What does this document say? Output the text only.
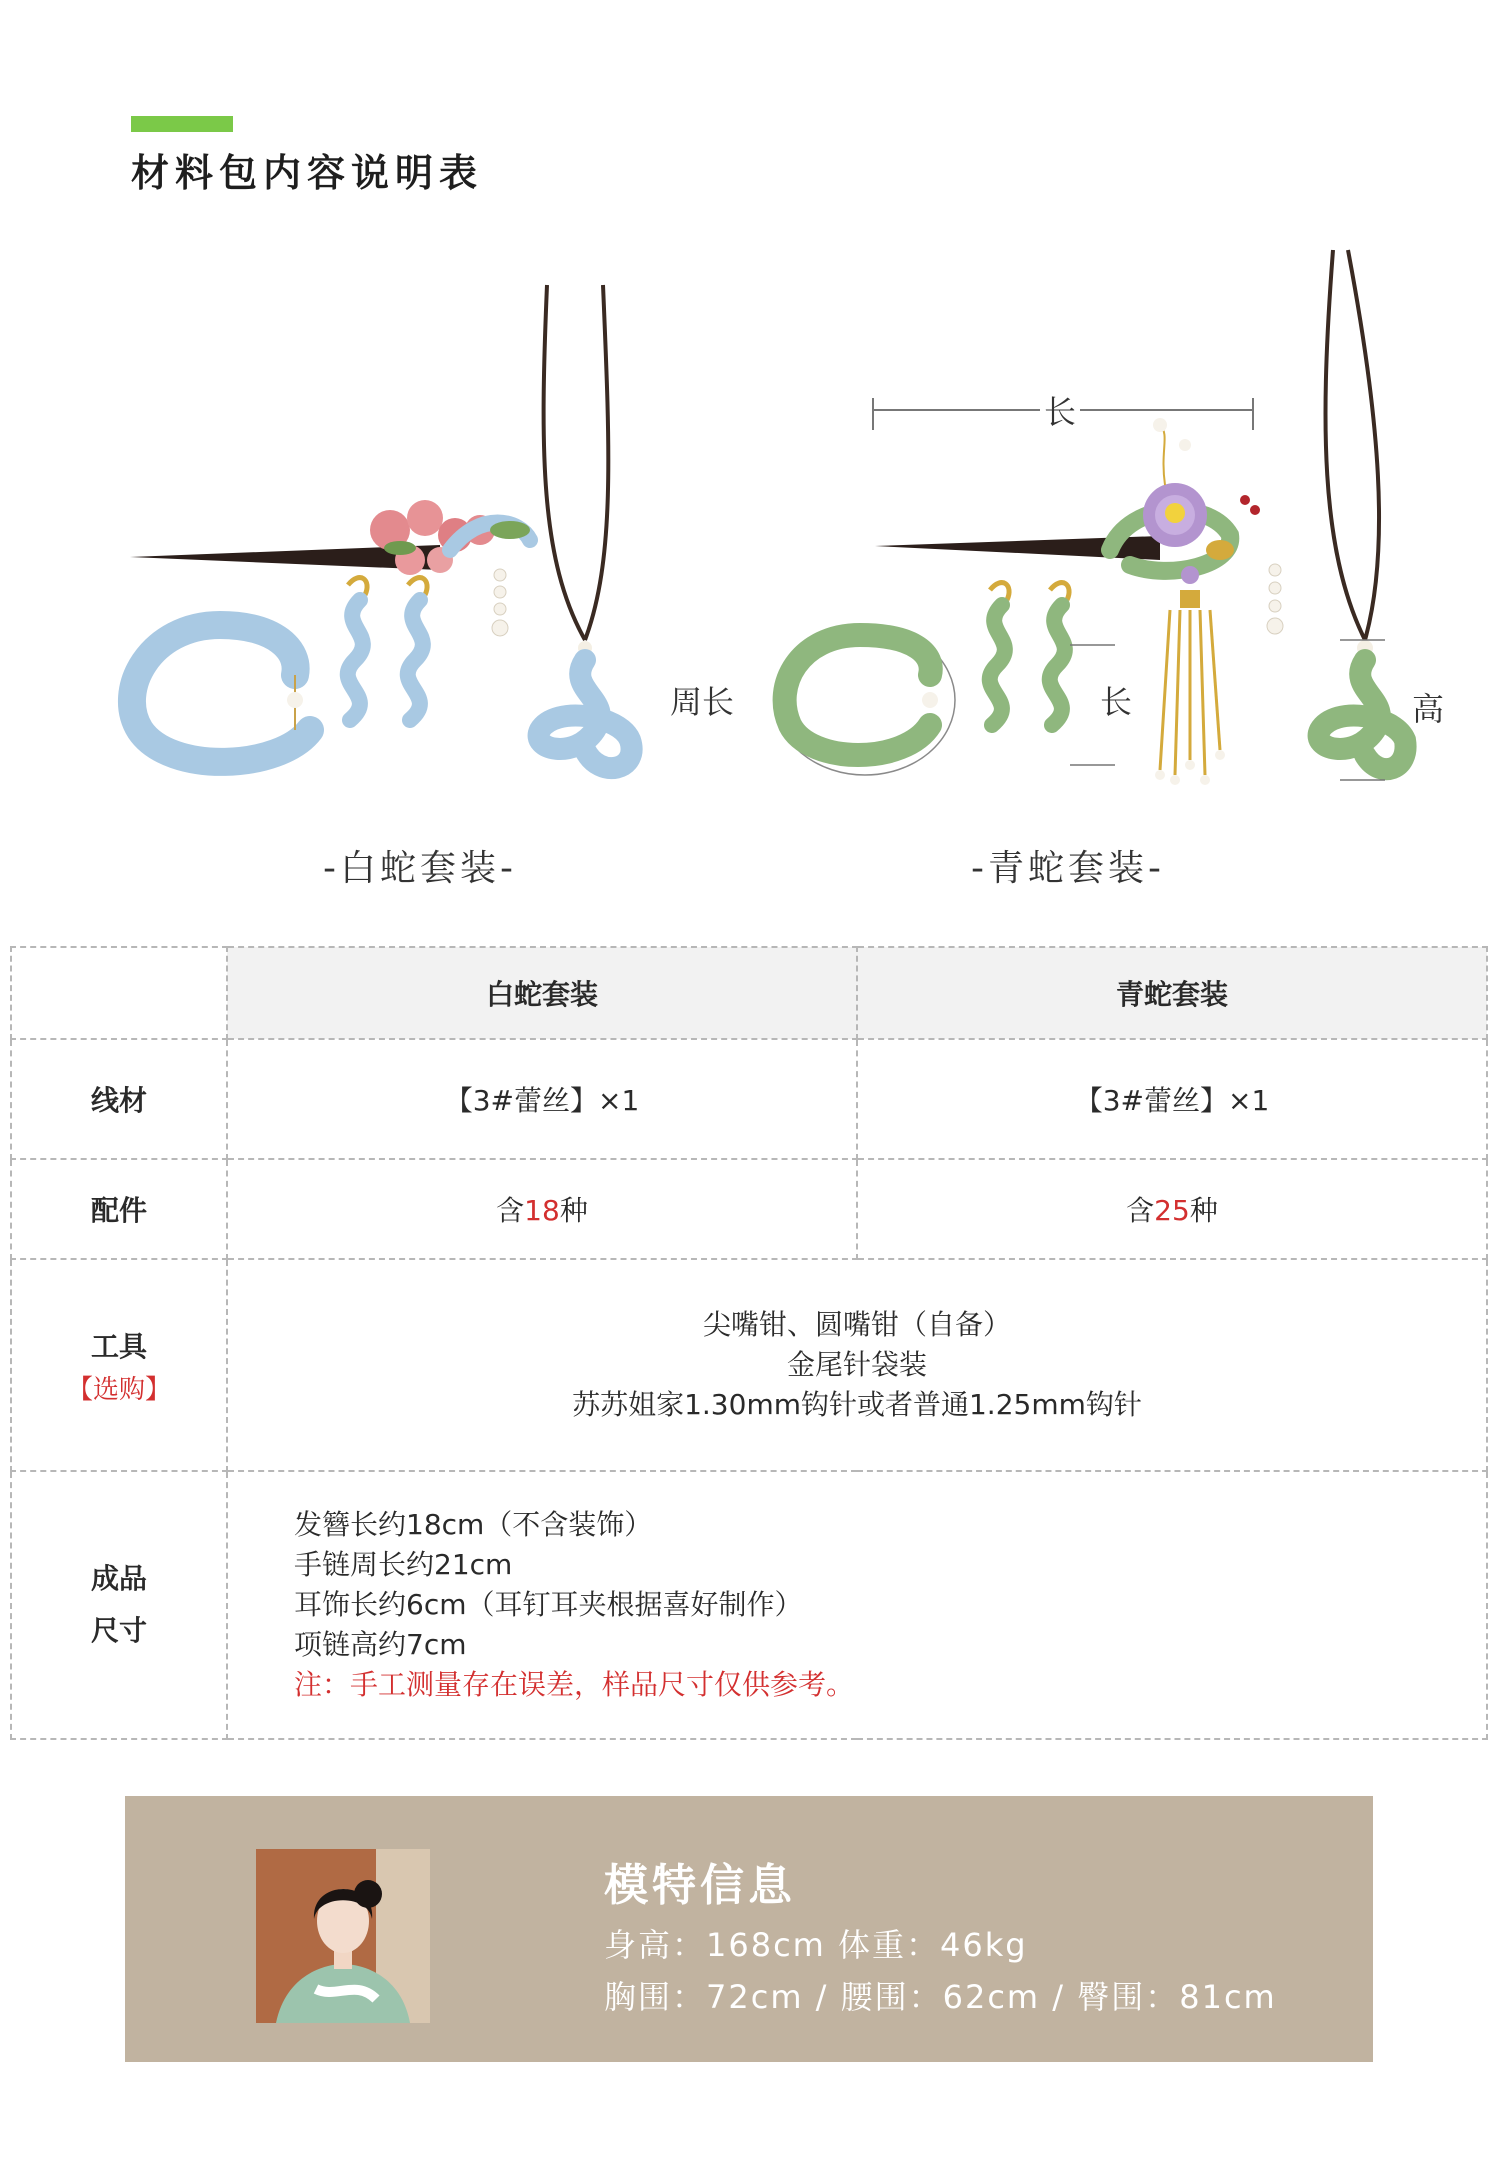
材料包内容说明表
长
高
周长	长
-白蛇套装-	-青蛇套装-
	白蛇套装	青蛇套装
线材	【3#蕾丝】×1	【3#蕾丝】×1
配件	含18种	含25种
工具
【选购】	尖嘴钳、圆嘴钳（自备）
金尾针袋装
苏苏姐家1.30mm钩针或者普通1.25mm钩针	

成品
尺寸	发簪长约18cm（不含装饰）
手链周长约21cm
耳饰长约6cm（耳钉耳夹根据喜好制作）
项链高约7cm
注：手工测量存在误差，样品尺寸仅供参考。	
模特信息
身高：168cm 体重：46kg
胸围：72cm / 腰围：62cm / 臀围：81cm
